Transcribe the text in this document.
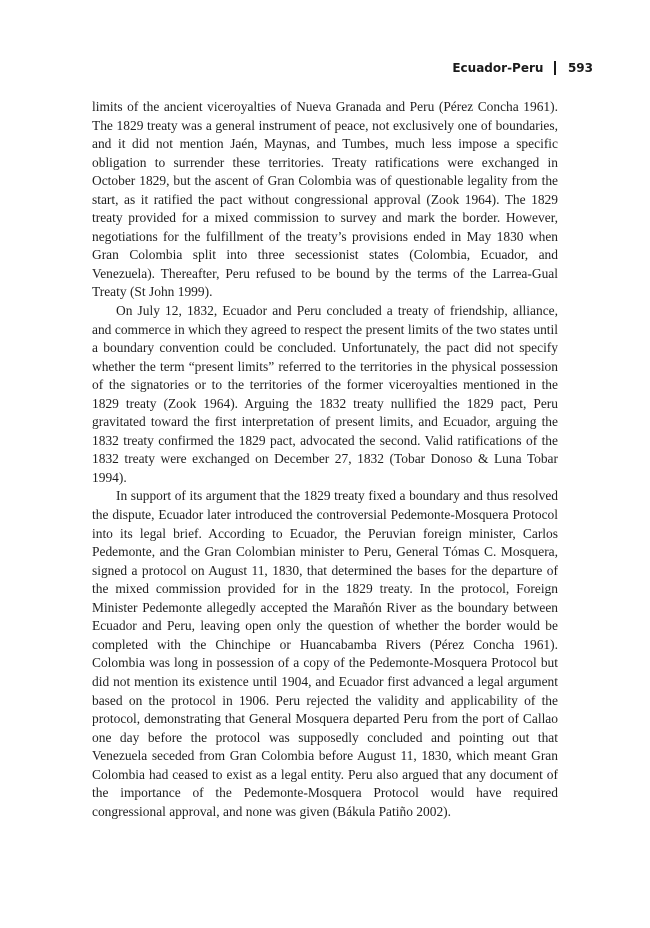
Ecuador-Peru 593

limits of the ancient viceroyalties of Nueva Granada and Peru (Pérez Concha 1961). The 1829 treaty was a general instrument of peace, not exclusively one of boundaries, and it did not mention Jaén, Maynas, and Tumbes, much less impose a specific obligation to surrender these territories. Treaty ratifications were exchanged in October 1829, but the ascent of Gran Colombia was of questionable legality from the start, as it ratified the pact without congressional approval (Zook 1964). The 1829 treaty provided for a mixed commission to survey and mark the border. However, negotiations for the fulfillment of the treaty’s provisions ended in May 1830 when Gran Colombia split into three secessionist states (Colombia, Ecuador, and Venezuela). Thereafter, Peru refused to be bound by the terms of the Larrea-Gual Treaty (St John 1999).

On July 12, 1832, Ecuador and Peru concluded a treaty of friendship, alliance, and commerce in which they agreed to respect the present limits of the two states until a boundary convention could be concluded. Unfortunately, the pact did not specify whether the term “present limits” referred to the territories in the physical possession of the signatories or to the territories of the former viceroyalties mentioned in the 1829 treaty (Zook 1964). Arguing the 1832 treaty nullified the 1829 pact, Peru gravitated toward the first interpretation of present limits, and Ecuador, arguing the 1832 treaty confirmed the 1829 pact, advocated the second. Valid ratifications of the 1832 treaty were exchanged on December 27, 1832 (Tobar Donoso & Luna Tobar 1994).

In support of its argument that the 1829 treaty fixed a boundary and thus resolved the dispute, Ecuador later introduced the controversial Pedemonte-Mosquera Protocol into its legal brief. According to Ecuador, the Peruvian foreign minister, Carlos Pedemonte, and the Gran Colombian minister to Peru, General Tómas C. Mosquera, signed a protocol on August 11, 1830, that determined the bases for the departure of the mixed commission provided for in the 1829 treaty. In the protocol, Foreign Minister Pedemonte allegedly accepted the Marañón River as the boundary between Ecuador and Peru, leaving open only the question of whether the border would be completed with the Chinchipe or Huancabamba Rivers (Pérez Concha 1961). Colombia was long in possession of a copy of the Pedemonte-Mosquera Protocol but did not mention its existence until 1904, and Ecuador first advanced a legal argument based on the protocol in 1906. Peru rejected the validity and applicability of the protocol, demonstrating that General Mosquera departed Peru from the port of Callao one day before the protocol was supposedly concluded and pointing out that Venezuela seceded from Gran Colombia before August 11, 1830, which meant Gran Colombia had ceased to exist as a legal entity. Peru also argued that any document of the importance of the Pedemonte-Mosquera Protocol would have required congressional approval, and none was given (Bákula Patiño 2002).
